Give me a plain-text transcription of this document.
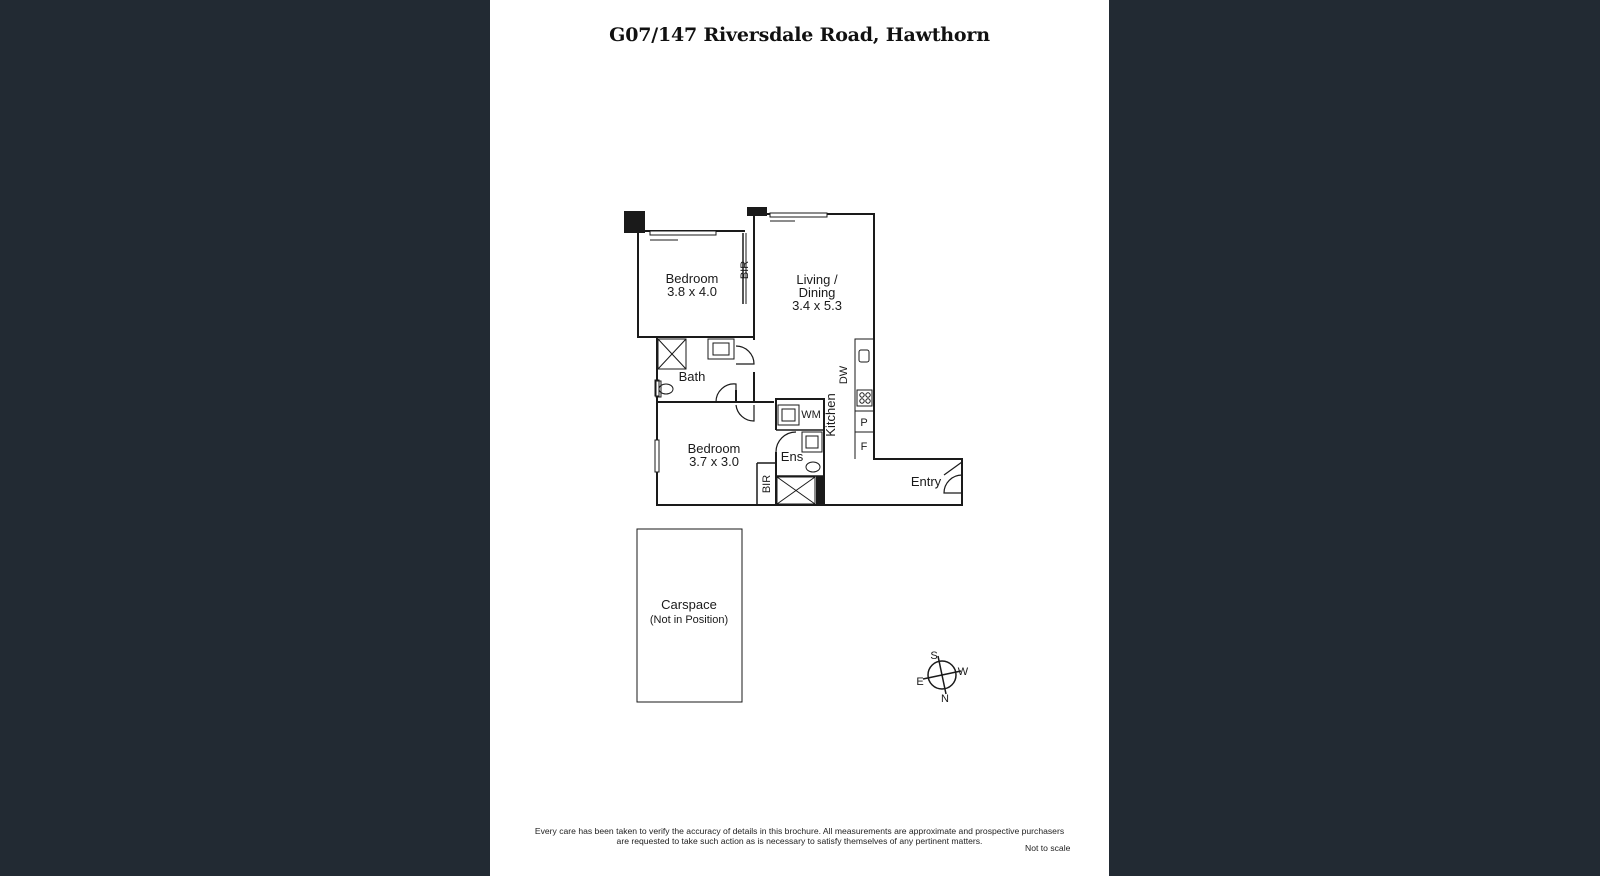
G07/147 Riversdale Road, Hawthorn
Bedroom
3.8 x 4.0
BIR
Living /
Dining
3.4 x 5.3
Bath	DW
Kitchen P
F
WM
Bedroom
3.7 x 3.0	Ens
BIR	Entry
Carspace
(Not in Position)
S
W
E
N
Every care has been taken to verify the accuracy of details in this brochure. All measurements are approximate and prospective purchasers
are requested to take such action as is necessary to satisfy themselves of any pertinent matters.
Not to scale
